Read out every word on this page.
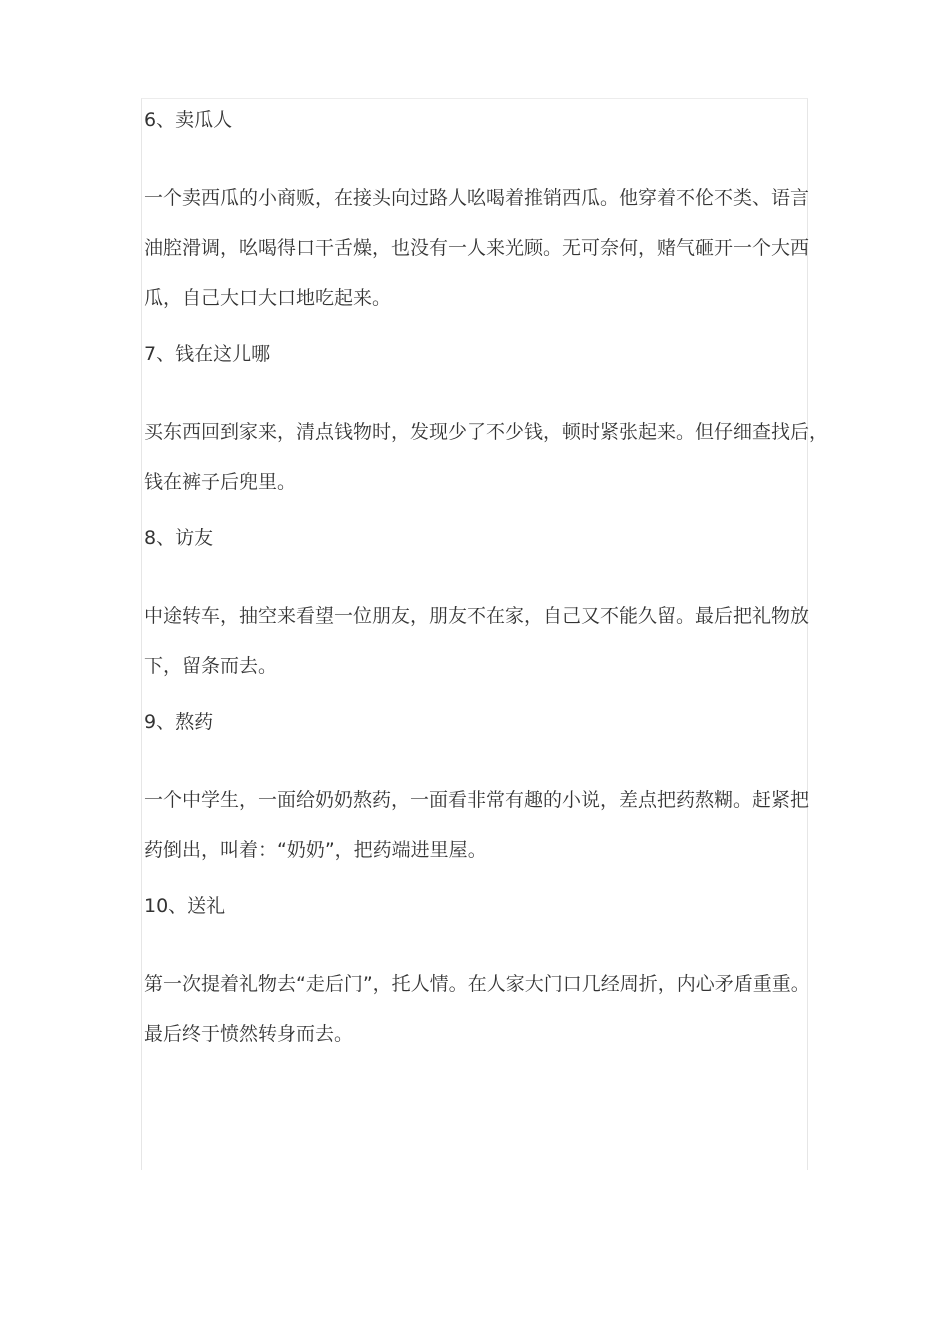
6、卖瓜人

一个卖西瓜的小商贩，在接头向过路人吆喝着推销西瓜。他穿着不伦不类、语言
油腔滑调，吆喝得口干舌燥，也没有一人来光顾。无可奈何，赌气砸开一个大西
瓜，自己大口大口地吃起来。

7、钱在这儿哪

买东西回到家来，清点钱物时，发现少了不少钱，顿时紧张起来。但仔细查找后，
钱在裤子后兜里。

8、访友

中途转车，抽空来看望一位朋友，朋友不在家，自己又不能久留。最后把礼物放
下，留条而去。

9、熬药

一个中学生，一面给奶奶熬药，一面看非常有趣的小说，差点把药熬糊。赶紧把
药倒出，叫着：“奶奶”，把药端进里屋。

10、送礼

第一次提着礼物去“走后门”，托人情。在人家大门口几经周折，内心矛盾重重。
最后终于愤然转身而去。
